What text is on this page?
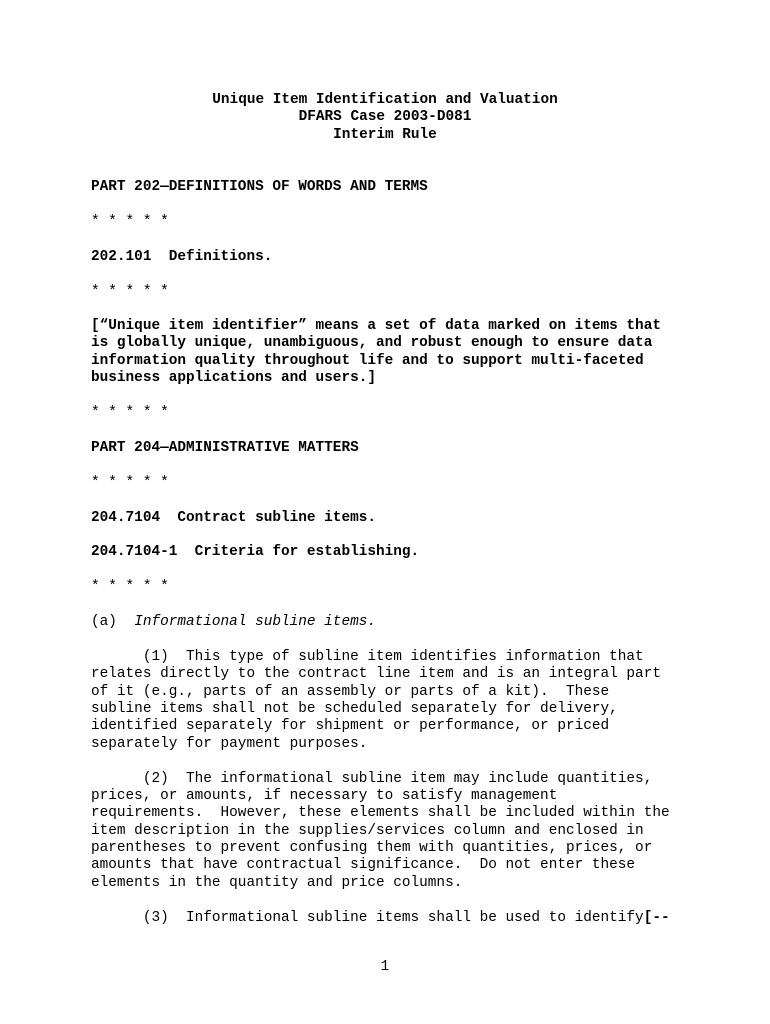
Unique Item Identification and Valuation
DFARS Case 2003-D081
Interim Rule
PART 202—DEFINITIONS OF WORDS AND TERMS
* * * * *
202.101  Definitions.
* * * * *
[“Unique item identifier” means a set of data marked on items that
is globally unique, unambiguous, and robust enough to ensure data
information quality throughout life and to support multi-faceted
business applications and users.]
* * * * *
PART 204—ADMINISTRATIVE MATTERS
* * * * *
204.7104  Contract subline items.
204.7104-1  Criteria for establishing.
* * * * *
(a)  Informational subline items.
(1)  This type of subline item identifies information that
relates directly to the contract line item and is an integral part
of it (e.g., parts of an assembly or parts of a kit).  These
subline items shall not be scheduled separately for delivery,
identified separately for shipment or performance, or priced
separately for payment purposes.
(2)  The informational subline item may include quantities,
prices, or amounts, if necessary to satisfy management
requirements.  However, these elements shall be included within the
item description in the supplies/services column and enclosed in
parentheses to prevent confusing them with quantities, prices, or
amounts that have contractual significance.  Do not enter these
elements in the quantity and price columns.
(3)  Informational subline items shall be used to identify[--
1
